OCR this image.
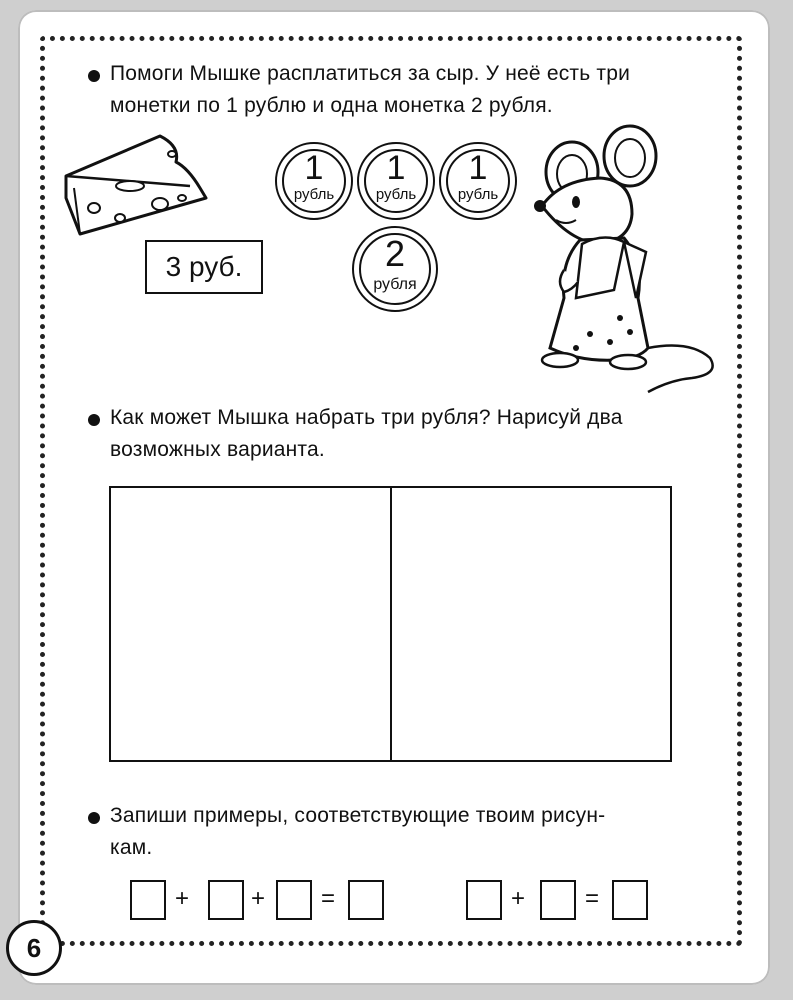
Помоги Мышке расплатиться за сыр. У неё есть три
монетки по 1 рублю и одна монетка 2 рубля.
3 руб.
1
рубль
1
рубль
1
рубль
2
рубля
Как может Мышка набрать три рубля? Нарисуй два
возможных варианта.
Запиши примеры, соответствующие твоим рисун-
кам.
+	+ =	+ =
6
